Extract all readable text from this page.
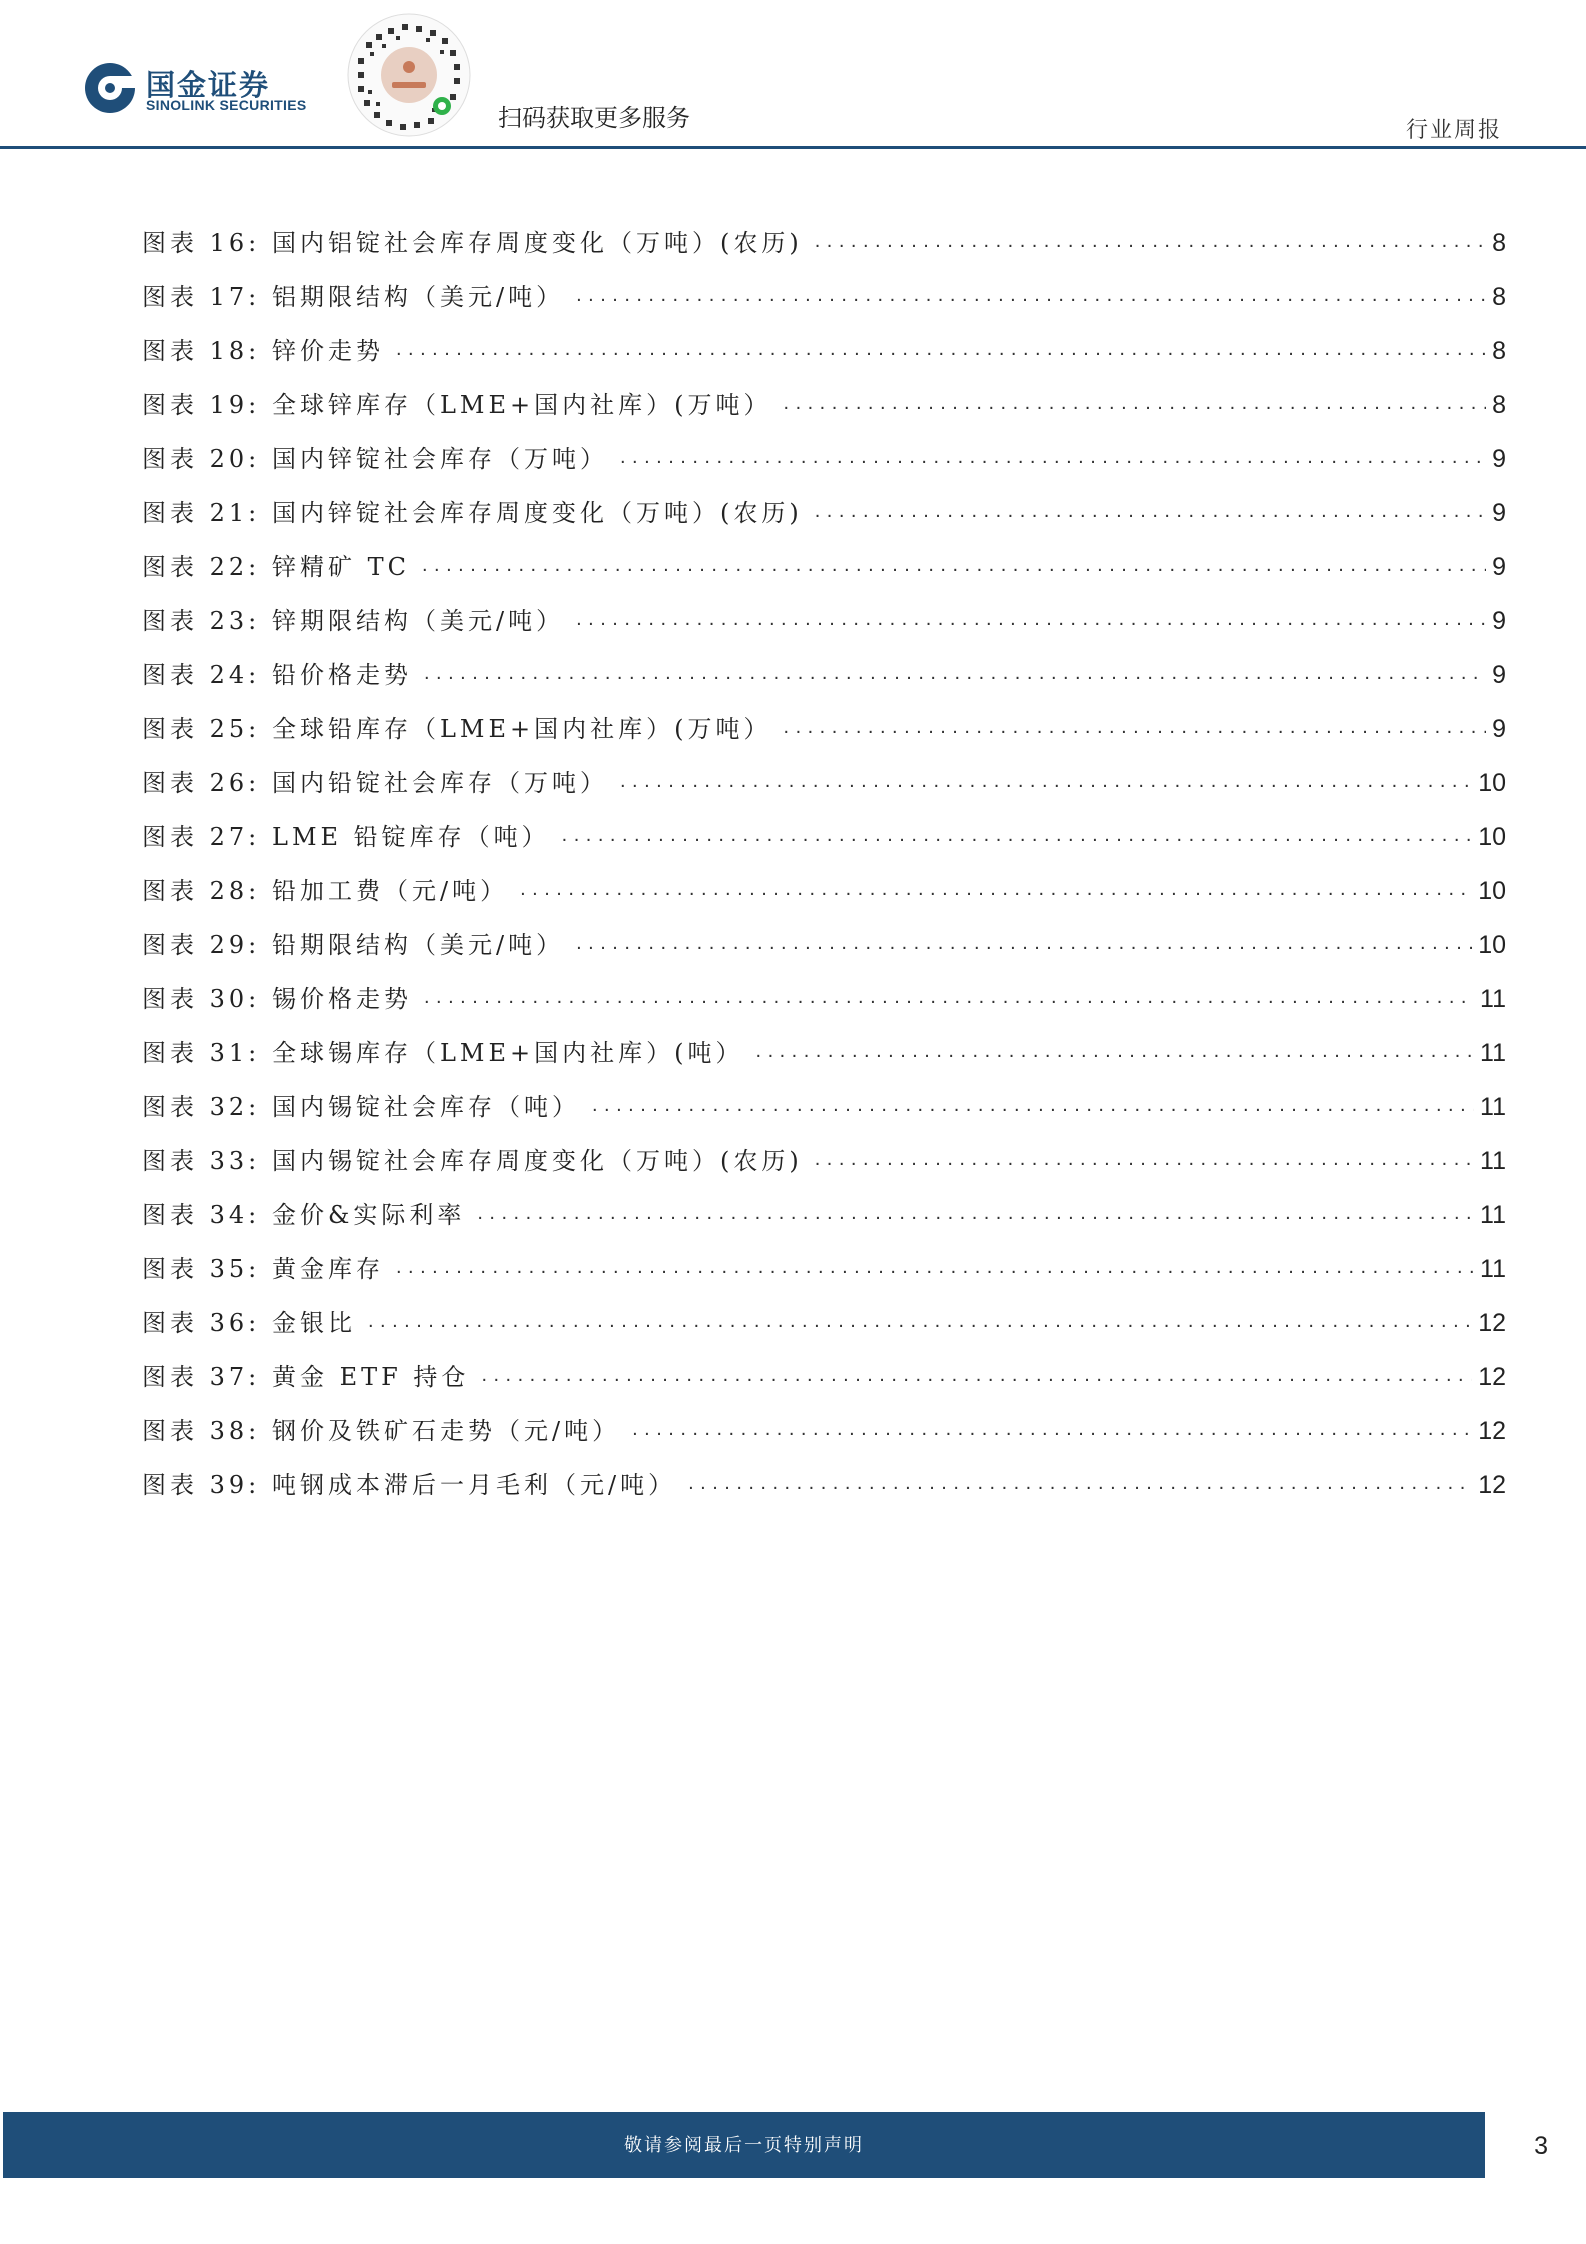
国金证券
SINOLINK SECURITIES	扫码获取更多服务	行业周报
图表 16: 国内铝锭社会库存周度变化（万吨）(农历) .....	8
图表 17: 铝期限结构（美元/吨） .....	8
图表 18: 锌价走势 .....	8
图表 19: 全球锌库存（LME+国内社库）(万吨） .....	8
图表 20: 国内锌锭社会库存（万吨） .....	9
图表 21: 国内锌锭社会库存周度变化（万吨）(农历) .....	9
图表 22: 锌精矿 TC .....	9
图表 23: 锌期限结构（美元/吨） .....	9
图表 24: 铅价格走势 .....	9
图表 25: 全球铅库存（LME+国内社库）(万吨） .....	9
图表 26: 国内铅锭社会库存（万吨） .....	10
图表 27: LME 铅锭库存（吨） .....	10
图表 28: 铅加工费（元/吨） .....	10
图表 29: 铅期限结构（美元/吨） .....	10
图表 30: 锡价格走势 .....	11
图表 31: 全球锡库存（LME+国内社库）(吨） .....	11
图表 32: 国内锡锭社会库存（吨） .....	11
图表 33: 国内锡锭社会库存周度变化（万吨）(农历) .....	11
图表 34: 金价&实际利率 .....	11
图表 35: 黄金库存 .....	11
图表 36: 金银比 .....	12
图表 37: 黄金 ETF 持仓 .....	12
图表 38: 钢价及铁矿石走势（元/吨） .....	12
图表 39: 吨钢成本滞后一月毛利（元/吨） .....	12
敬请参阅最后一页特别声明	3
